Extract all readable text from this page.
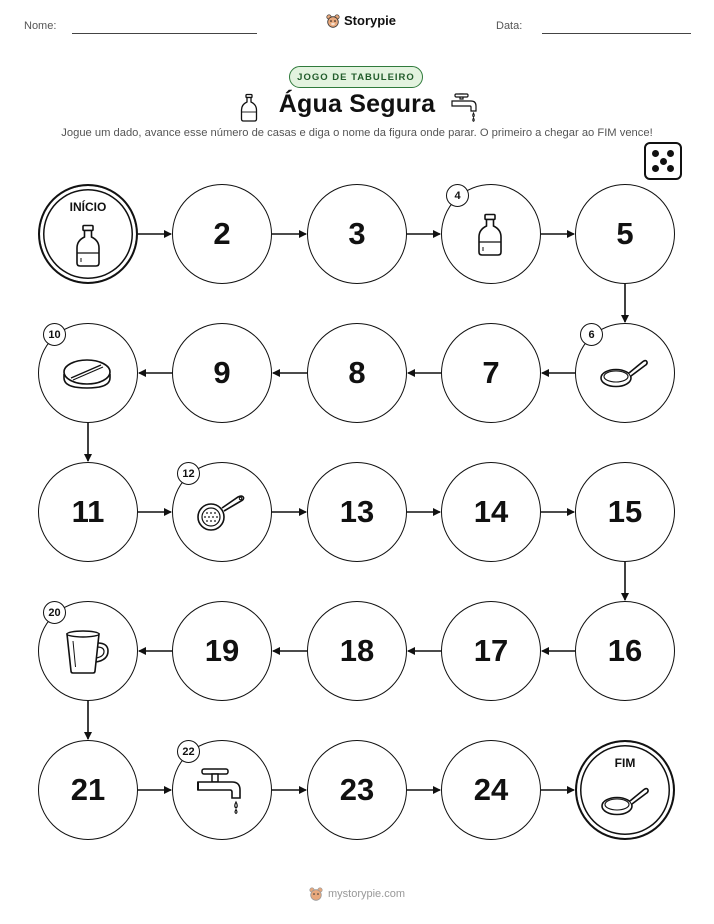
Nome:	Storypie	Data:
JOGO DE TABULEIRO
Água Segura
Jogue um dado, avance esse número de casas e diga o nome da figura onde parar. O primeiro a chegar ao FIM vence!
INÍCIO
2	3
4
5
6
7
8
9
10
11
12
13	14	15
16
17
18
19
20
21
22
23	24
FIM
mystorypie.com
